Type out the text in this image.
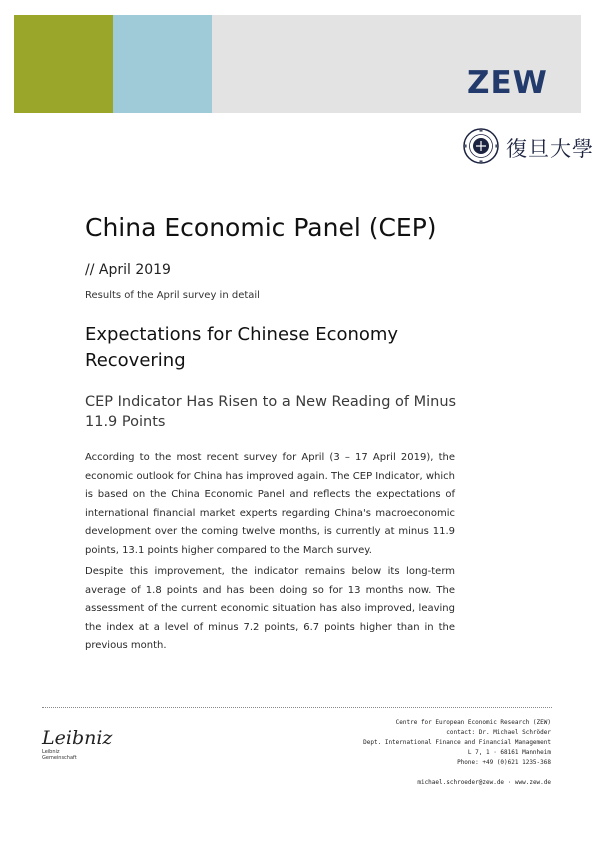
ZEW
復旦大學
China Economic Panel (CEP)
// April 2019
Results of the April survey in detail
Expectations for Chinese Economy Recovering
CEP Indicator Has Risen to a New Reading of Minus 11.9 Points

According to the most recent survey for April (3 – 17 April 2019), the economic outlook for China has improved again. The CEP Indicator, which is based on the China Economic Panel and reflects the expectations of international financial market experts regarding China's macroeconomic development over the coming twelve months, is currently at minus 11.9 points, 13.1 points higher compared to the March survey.

Despite this improvement, the indicator remains below its long-term average of 1.8 points and has been doing so for 13 months now. The assessment of the current economic situation has also improved, leaving the index at a level of minus 7.2 points, 6.7 points higher than in the previous month.

Leibniz
Leibniz
Gemeinschaft
Centre for European Economic Research (ZEW)
contact: Dr. Michael Schröder
Dept. International Finance and Financial Management
L 7, 1 · 68161 Mannheim
Phone: +49 (0)621 1235-368
michael.schroeder@zew.de · www.zew.de
